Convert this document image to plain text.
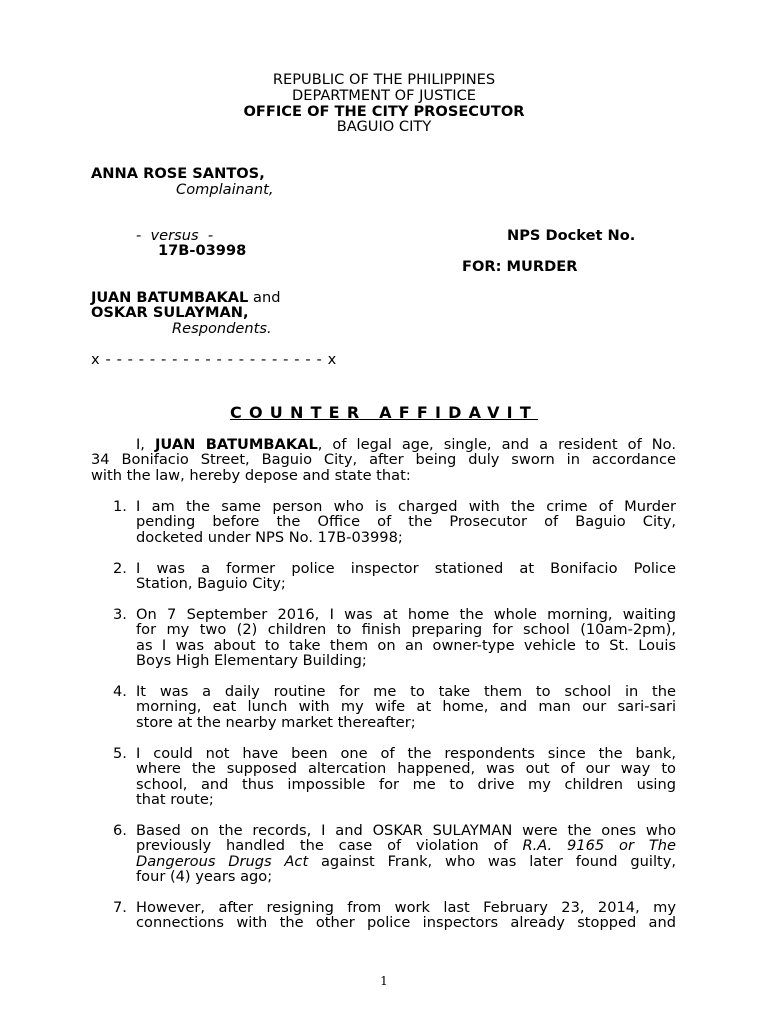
REPUBLIC OF THE PHILIPPINES
DEPARTMENT OF JUSTICE
OFFICE OF THE CITY PROSECUTOR
BAGUIO CITY
ANNA ROSE SANTOS,
Complainant,
-  versus  -	NPS Docket No.
17B-03998
FOR: MURDER
JUAN BATUMBAKAL and
OSKAR SULAYMAN,
Respondents.
x - - - - - - - - - - - - - - - - - - - - x
COUNTER AFFIDAVIT
I, JUAN BATUMBAKAL, of legal age, single, and a resident of No.
34 Bonifacio Street, Baguio City, after being duly sworn in accordance
with the law, hereby depose and state that:
1. I am the same person who is charged with the crime of Murder
pending before the Office of the Prosecutor of Baguio City,
docketed under NPS No. 17B-03998;
2. I was a former police inspector stationed at Bonifacio Police
Station, Baguio City;
3. On 7 September 2016, I was at home the whole morning, waiting
for my two (2) children to finish preparing for school (10am-2pm),
as I was about to take them on an owner-type vehicle to St. Louis
Boys High Elementary Building;
4. It was a daily routine for me to take them to school in the
morning, eat lunch with my wife at home, and man our sari-sari
store at the nearby market thereafter;
5. I could not have been one of the respondents since the bank,
where the supposed altercation happened, was out of our way to
school, and thus impossible for me to drive my children using
that route;
6. Based on the records, I and OSKAR SULAYMAN were the ones who
previously handled the case of violation of R.A. 9165 or The
Dangerous Drugs Act against Frank, who was later found guilty,
four (4) years ago;
7. However, after resigning from work last February 23, 2014, my
connections with the other police inspectors already stopped and
1
